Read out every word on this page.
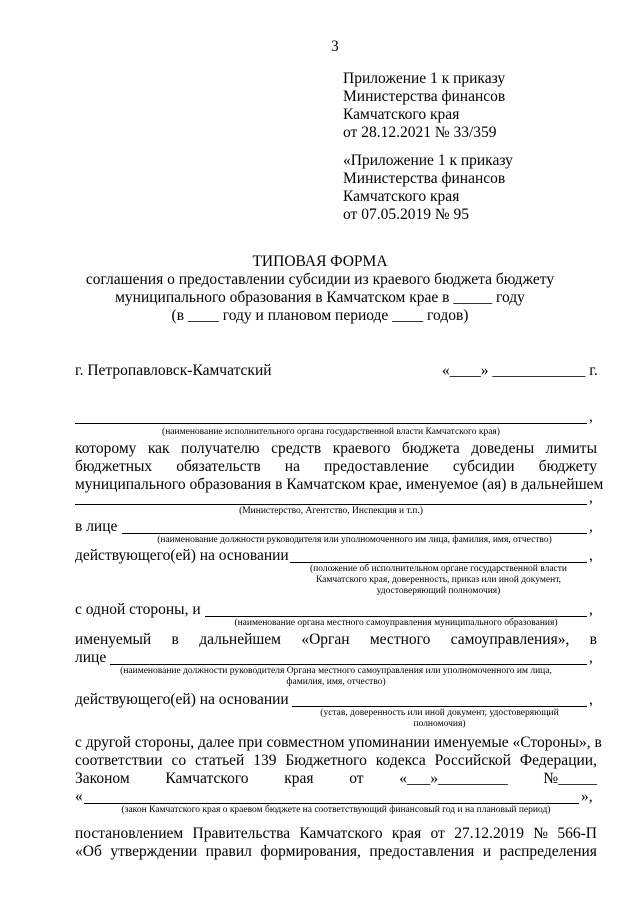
3
Приложение 1 к приказу
Министерства финансов
Камчатского края
от 28.12.2021 № 33/359
«Приложение 1 к приказу
Министерства финансов
Камчатского края
от 07.05.2019 № 95
ТИПОВАЯ ФОРМА
соглашения о предоставлении субсидии из краевого бюджета бюджету
муниципального образования в Камчатском крае в _____ году
(в ____ году и плановом периоде ____ годов)
г. Петропавловск-Камчатский	«____» ____________ г.
,
(наименование исполнительного органа государственной власти Камчатского края)
которому как получателю средств краевого бюджета доведены лимиты
бюджетных обязательств на предоставление субсидии бюджету
муниципального образования в Камчатском крае, именуемое (ая) в дальнейшем
,
(Министерство, Агентство, Инспекция и т.п.)
в лице	,
(наименование должности руководителя или уполномоченного им лица, фамилия, имя, отчество)
действующего(ей) на основании	,
(положение об исполнительном органе государственной власти
Камчатского края, доверенность, приказ или иной документ,
удостоверяющий полномочия)
с одной стороны, и	,
(наименование органа местного самоуправления муниципального образования)
именуемый в дальнейшем «Орган местного самоуправления», в
лице	,
(наименование должности руководителя Органа местного самоуправления или уполномоченного им лица,
фамилия, имя, отчество)
действующего(ей) на основании	,
(устав, доверенность или иной документ, удостоверяющий
полномочия)
с другой стороны, далее при совместном упоминании именуемые «Стороны», в
соответствии со статьей 139 Бюджетного кодекса Российской Федерации,
Законом Камчатского края от «___»_________ №_____
«	»,
(закон Камчатского края о краевом бюджете на соответствующий финансовый год и на плановый период)
постановлением Правительства Камчатского края от 27.12.2019 № 566-П
«Об утверждении правил формирования, предоставления и распределения
